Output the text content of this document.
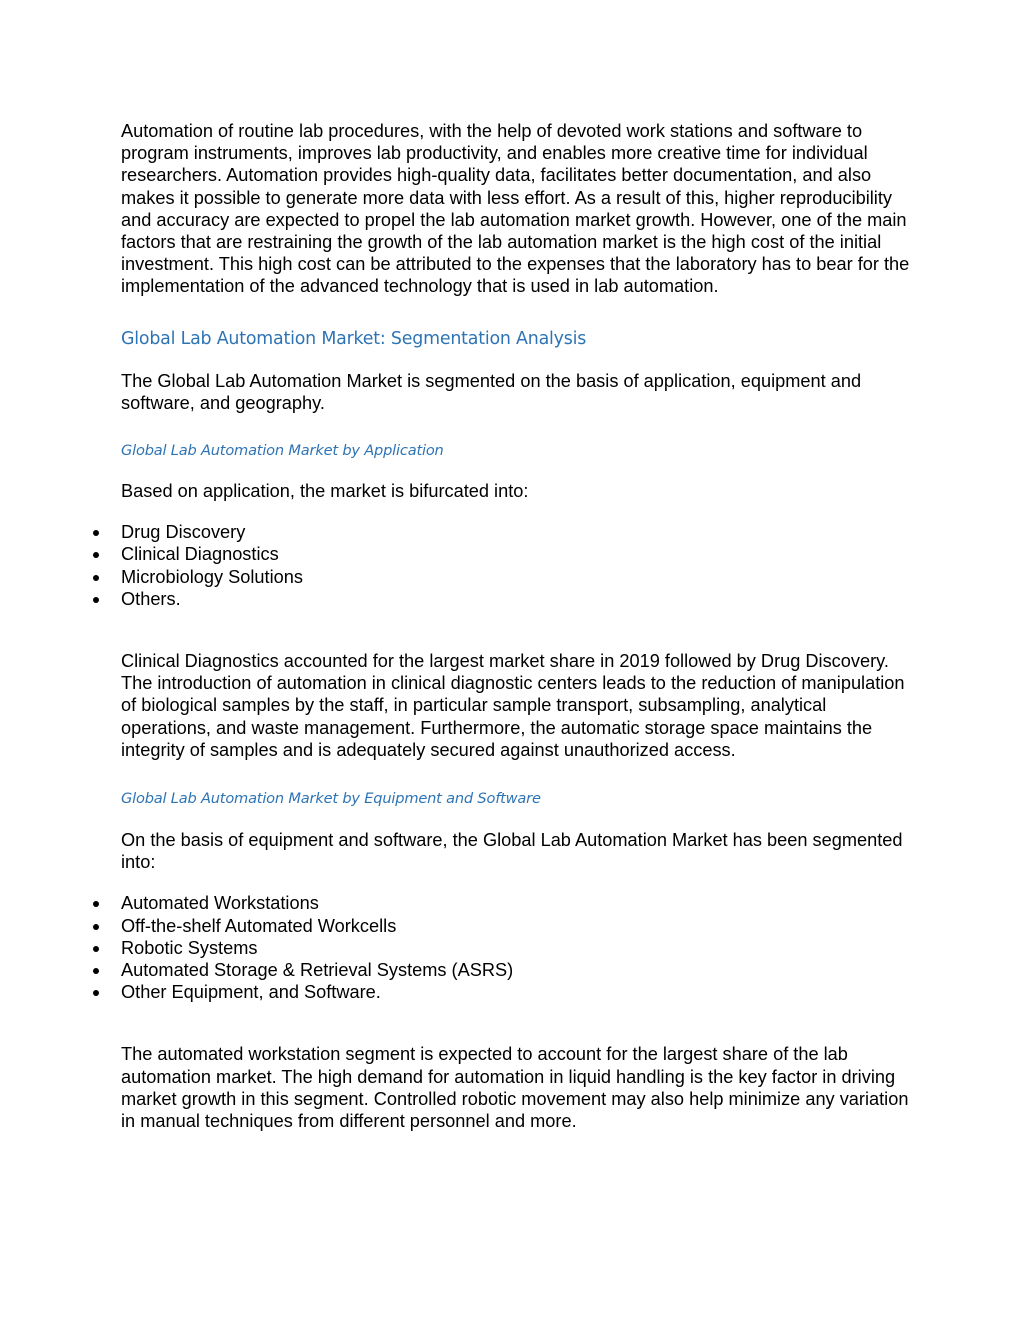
Automation of routine lab procedures, with the help of devoted work stations and software to program instruments, improves lab productivity, and enables more creative time for individual researchers. Automation provides high-quality data, facilitates better documentation, and also makes it possible to generate more data with less effort. As a result of this, higher reproducibility and accuracy are expected to propel the lab automation market growth. However, one of the main factors that are restraining the growth of the lab automation market is the high cost of the initial investment. This high cost can be attributed to the expenses that the laboratory has to bear for the implementation of the advanced technology that is used in lab automation.

Global Lab Automation Market: Segmentation Analysis

The Global Lab Automation Market is segmented on the basis of application, equipment and software, and geography.

Global Lab Automation Market by Application

Based on application, the market is bifurcated into:

Drug Discovery
Clinical Diagnostics
Microbiology Solutions
Others.

Clinical Diagnostics accounted for the largest market share in 2019 followed by Drug Discovery. The introduction of automation in clinical diagnostic centers leads to the reduction of manipulation of biological samples by the staff, in particular sample transport, subsampling, analytical operations, and waste management. Furthermore, the automatic storage space maintains the integrity of samples and is adequately secured against unauthorized access.

Global Lab Automation Market by Equipment and Software

On the basis of equipment and software, the Global Lab Automation Market has been segmented into:

Automated Workstations
Off-the-shelf Automated Workcells
Robotic Systems
Automated Storage & Retrieval Systems (ASRS)
Other Equipment, and Software.

The automated workstation segment is expected to account for the largest share of the lab automation market. The high demand for automation in liquid handling is the key factor in driving market growth in this segment. Controlled robotic movement may also help minimize any variation in manual techniques from different personnel and more.
